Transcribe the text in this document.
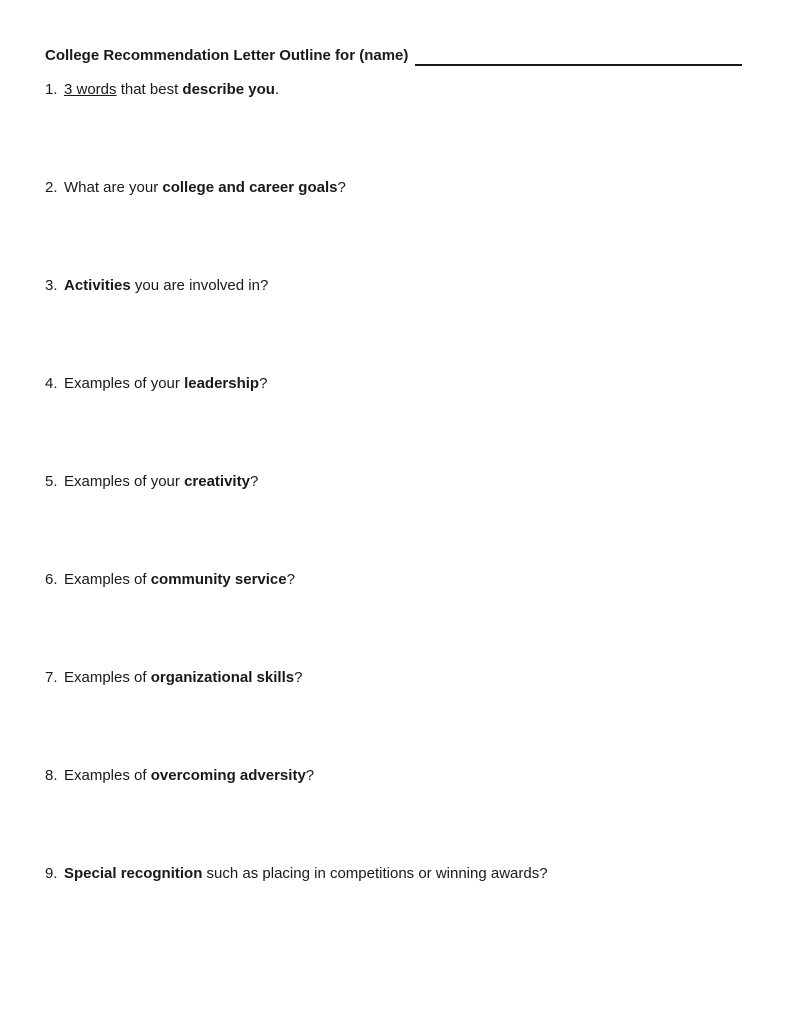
College Recommendation Letter Outline for (name)
1. 3 words that best describe you.
2. What are your college and career goals?
3. Activities you are involved in?
4. Examples of your leadership?
5. Examples of your creativity?
6. Examples of community service?
7. Examples of organizational skills?
8. Examples of overcoming adversity?
9. Special recognition such as placing in competitions or winning awards?
